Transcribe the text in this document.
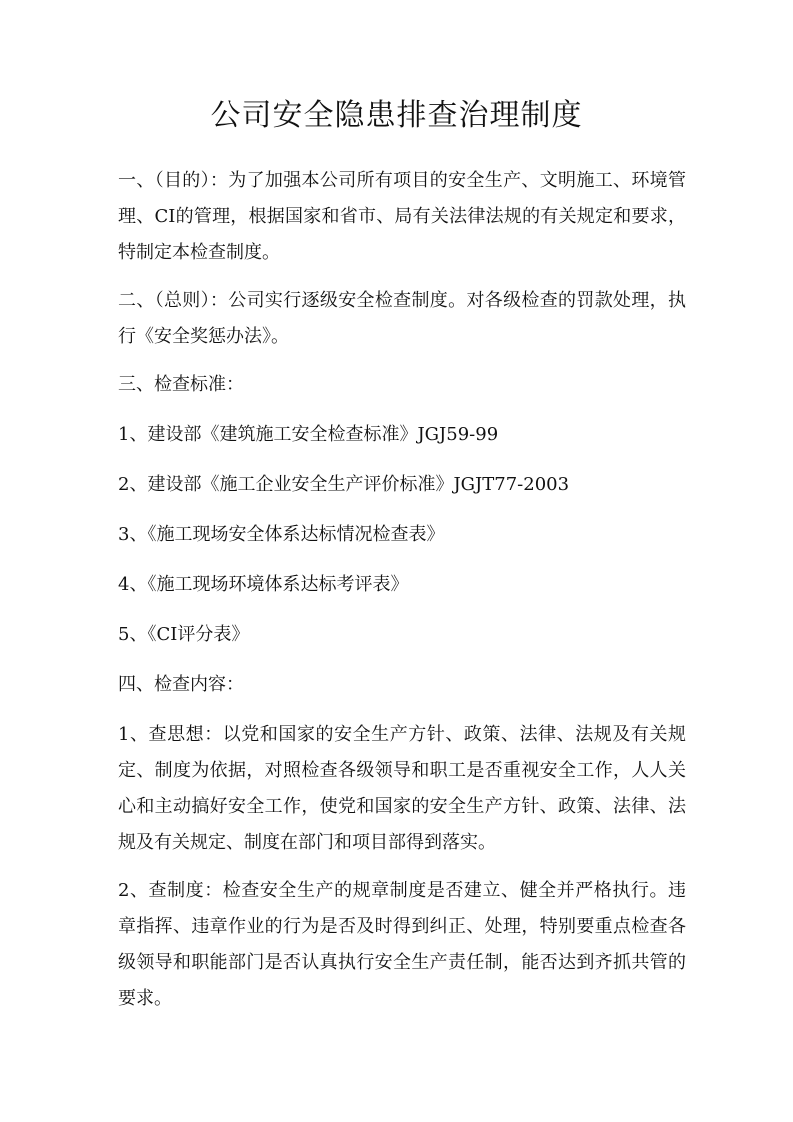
公司安全隐患排查治理制度

一、（目的）：为了加强本公司所有项目的安全生产、文明施工、环境管理、CI的管理，根据国家和省市、局有关法律法规的有关规定和要求，特制定本检查制度。

二、（总则）：公司实行逐级安全检查制度。对各级检查的罚款处理，执行《安全奖惩办法》。

三、检查标准：

1、建设部《建筑施工安全检查标准》JGJ59-99

2、建设部《施工企业安全生产评价标准》JGJT77-2003

3、《施工现场安全体系达标情况检查表》

4、《施工现场环境体系达标考评表》

5、《CI评分表》

四、检查内容：

1、查思想：以党和国家的安全生产方针、政策、法律、法规及有关规定、制度为依据，对照检查各级领导和职工是否重视安全工作，人人关心和主动搞好安全工作，使党和国家的安全生产方针、政策、法律、法规及有关规定、制度在部门和项目部得到落实。

2、查制度：检查安全生产的规章制度是否建立、健全并严格执行。违章指挥、违章作业的行为是否及时得到纠正、处理，特别要重点检查各级领导和职能部门是否认真执行安全生产责任制，能否达到齐抓共管的要求。
